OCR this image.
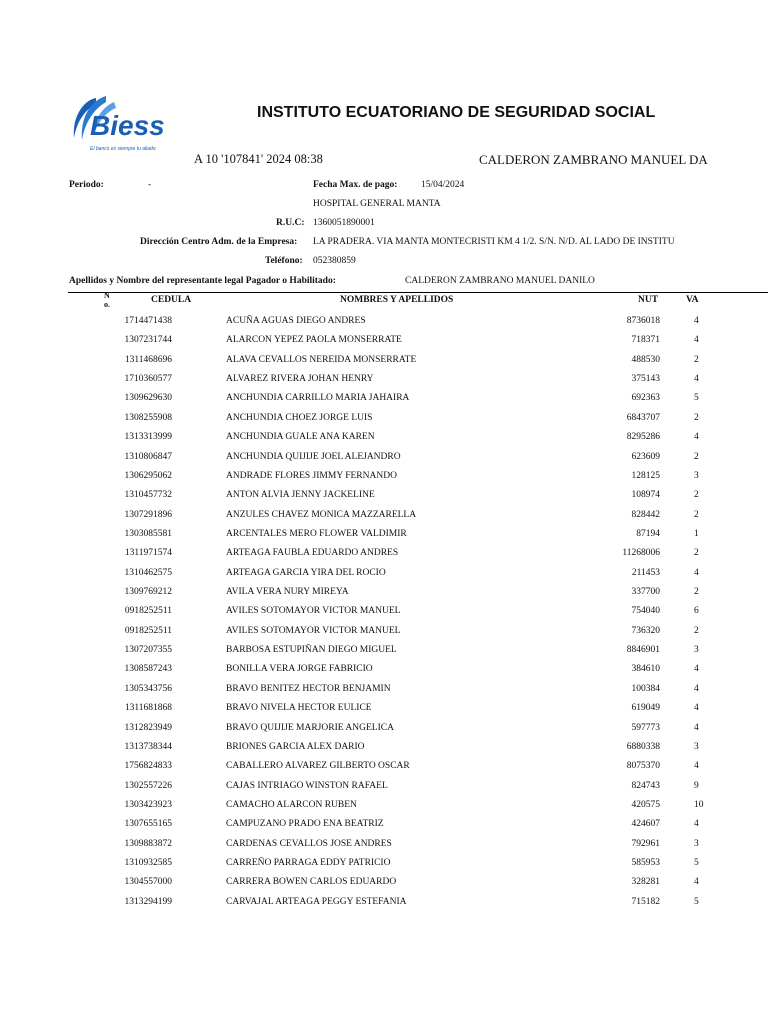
Biess
El banco es siempre tu aliado
INSTITUTO ECUATORIANO DE SEGURIDAD SOCIAL
A 10 '107841' 2024 08:38	CALDERON ZAMBRANO MANUEL DA
Periodo:	-	Fecha Max. de pago: 15/04/2024
HOSPITAL GENERAL MANTA
R.U.C: 1360051890001
Dirección Centro Adm. de la Empresa: LA PRADERA. VIA MANTA MONTECRISTI KM 4 1/2. S/N. N/D. AL LADO DE INSTITU
Teléfono: 052380859
Apellidos y Nombre del representante legal Pagador o Habilitado:	CALDERON ZAMBRANO MANUEL DANILO
N o.	CEDULA	NOMBRES Y APELLIDOS	NUT	VA
1714471438	ACUÑA AGUAS DIEGO ANDRES	8736018	4
1307231744	ALARCON YEPEZ PAOLA MONSERRATE	718371	4
1311468696	ALAVA CEVALLOS NEREIDA MONSERRATE	488530	2
1710360577	ALVAREZ RIVERA JOHAN HENRY	375143	4
1309629630	ANCHUNDIA CARRILLO MARIA JAHAIRA	692363	5
1308255908	ANCHUNDIA CHOEZ JORGE LUIS	6843707	2
1313313999	ANCHUNDIA GUALE ANA KAREN	8295286	4
1310806847	ANCHUNDIA QUIJIJE JOEL ALEJANDRO	623609	2
1306295062	ANDRADE FLORES JIMMY FERNANDO	128125	3
1310457732	ANTON ALVIA JENNY JACKELINE	108974	2
1307291896	ANZULES CHAVEZ MONICA MAZZARELLA	828442	2
1303085581	ARCENTALES MERO FLOWER VALDIMIR	87194	1
1311971574	ARTEAGA FAUBLA EDUARDO ANDRES	11268006	2
1310462575	ARTEAGA GARCIA YIRA DEL ROCIO	211453	4
1309769212	AVILA VERA NURY MIREYA	337700	2
0918252511	AVILES SOTOMAYOR VICTOR MANUEL	754040	6
0918252511	AVILES SOTOMAYOR VICTOR MANUEL	736320	2
1307207355	BARBOSA ESTUPIÑAN DIEGO MIGUEL	8846901	3
1308587243	BONILLA VERA JORGE FABRICIO	384610	4
1305343756	BRAVO BENITEZ HECTOR BENJAMIN	100384	4
1311681868	BRAVO NIVELA HECTOR EULICE	619049	4
1312823949	BRAVO QUIJIJE MARJORIE ANGELICA	597773	4
1313738344	BRIONES GARCIA ALEX DARIO	6880338	3
1756824833	CABALLERO ALVAREZ GILBERTO OSCAR	8075370	4
1302557226	CAJAS INTRIAGO WINSTON RAFAEL	824743	9
1303423923	CAMACHO ALARCON RUBEN	420575	10
1307655165	CAMPUZANO PRADO ENA BEATRIZ	424607	4
1309883872	CARDENAS CEVALLOS JOSE ANDRES	792961	3
1310932585	CARREÑO PARRAGA EDDY PATRICIO	585953	5
1304557000	CARRERA BOWEN CARLOS EDUARDO	328281	4
1313294199	CARVAJAL ARTEAGA PEGGY ESTEFANIA	715182	5
